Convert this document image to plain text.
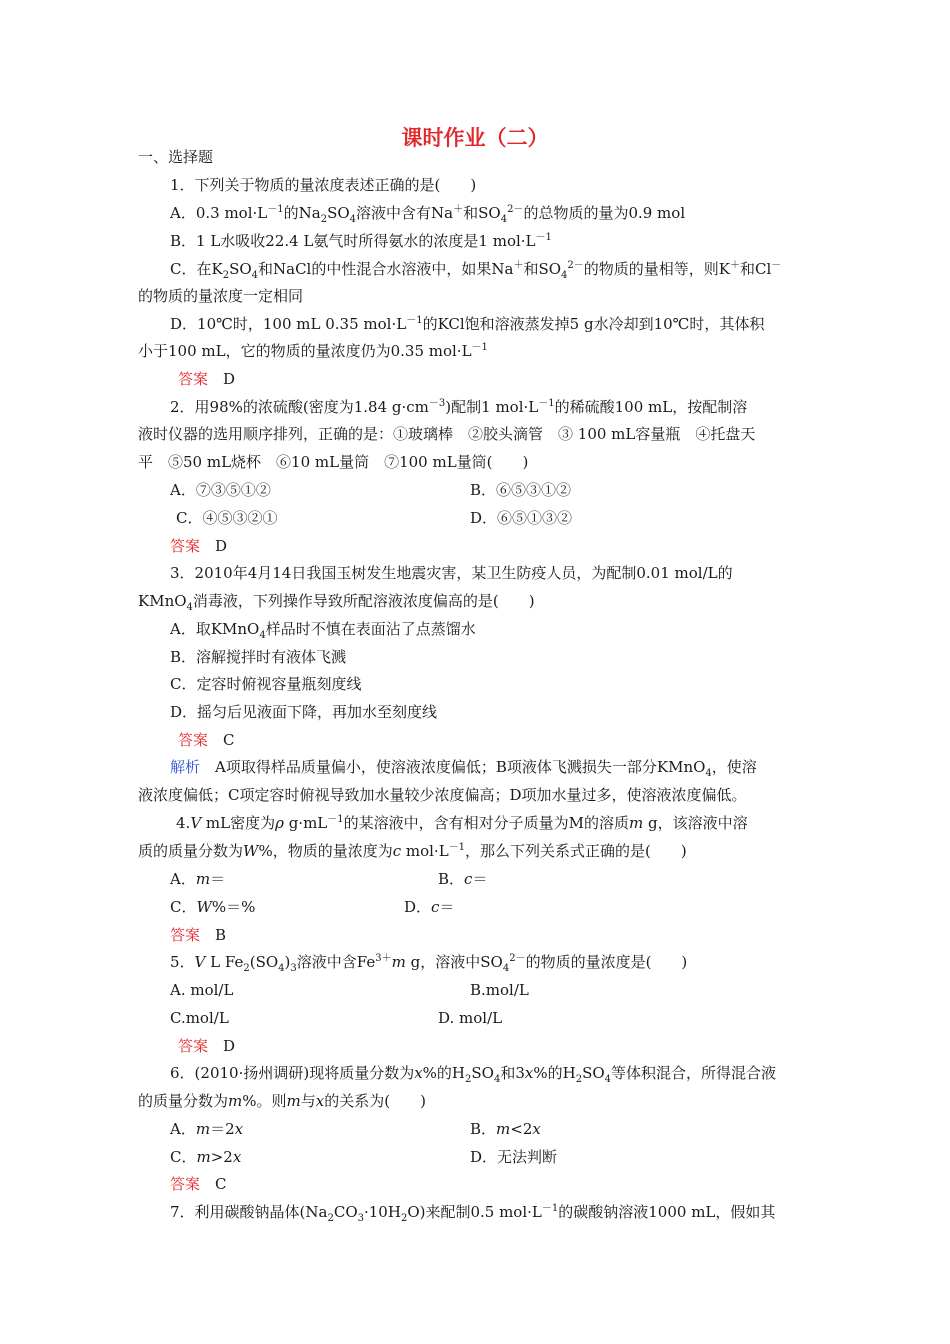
课时作业（二）
一、选择题
1．下列关于物质的量浓度表述正确的是(　　)
A．0.3 $mol\cdot L^{-1}$的$Na_2SO_4$溶液中含有Na＋和$SO_4^{2-}$的总物质的量为0.9 mol
B．1 L水吸收22.4 L氨气时所得氨水的浓度是1 $mol\cdot L^{-1}$
C．在$K_2SO_4$和NaCl的中性混合水溶液中，如果Na＋和$SO_4^{2-}$的物质的量相等，则K＋和Cl－
的物质的量浓度一定相同
D．10℃时，100 mL 0.35 $mol\cdot L^{-1}$的KCl饱和溶液蒸发掉5 g水冷却到10℃时，其体积
小于100 mL，它的物质的量浓度仍为0.35 $mol\cdot L^{-1}$
答案　 D
2．用98%的浓硫酸(密度为1.84 $g\cdot cm^{-3}$)配制1 $mol\cdot L^{-1}$的稀硫酸100 mL，按配制溶
液时仪器的选用顺序排列，正确的是：①玻璃棒　②胶头滴管　③ 100 mL容量瓶　④托盘天
平　⑤50 mL烧杯　⑥10 mL量筒　⑦100 mL量筒(　　)
A．⑦③⑤①②	B．⑥⑤③①②
C．④⑤③②①	D．⑥⑤①③②
答案　 D
3．2010年4月14日我国玉树发生地震灾害，某卫生防疫人员，为配制0.01 mol/L的
KMnO$_4$消毒液，下列操作导致所配溶液浓度偏高的是(　　)
A．取KMnO$_4$样品时不慎在表面沾了点蒸馏水
B．溶解搅拌时有液体飞溅
C．定容时俯视容量瓶刻度线
D．摇匀后见液面下降，再加水至刻度线
答案　 C
解析　 A项取得样品质量偏小，使溶液浓度偏低；B项液体飞溅损失一部分KMnO$_4$，使溶
液浓度偏低；C项定容时俯视导致加水量较少浓度偏高；D项加水量过多，使溶液浓度偏低。
4.V mL密度为ρ $g\cdot mL^{-1}$的某溶液中，含有相对分子质量为M的溶质m g，该溶液中溶
质的质量分数为W%，物质的量浓度为c $mol\cdot L^{-1}$，那么下列关系式正确的是(　　)
A．m＝	B．c＝
C．W%＝%	D．c＝
答案　 B
5．V L $Fe_2(SO_4)_3$溶液中含$Fe^{3+}m$ g，溶液中$SO_4^{2-}$的物质的量浓度是(　　)
A. mol/L	B.mol/L
C.mol/L	D. mol/L
答案　 D
6．(2010·扬州调研)现将质量分数为x%的$H_2SO_4$和3x%的$H_2SO_4$等体积混合，所得混合液
的质量分数为m%。则m与x的关系为(　　)
A．m＝2x	B．m<2x
C．m>2x	D．无法判断
答案　 C
7．利用碳酸钠晶体$(Na_2CO_3\cdot 10H_2O)$来配制0.5 $mol\cdot L^{-1}$的碳酸钠溶液1000 mL，假如其
